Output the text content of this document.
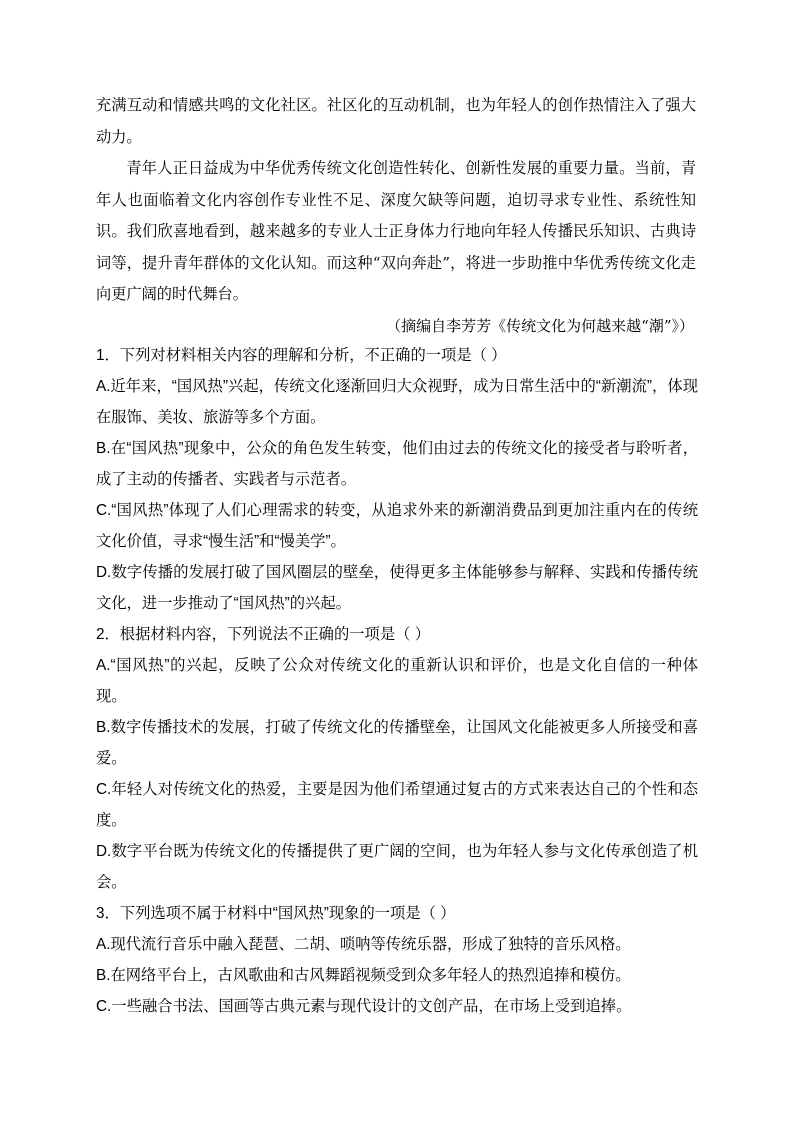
充满互动和情感共鸣的文化社区。社区化的互动机制，也为年轻人的创作热情注入了强大动力。

青年人正日益成为中华优秀传统文化创造性转化、创新性发展的重要力量。当前，青年人也面临着文化内容创作专业性不足、深度欠缺等问题，迫切寻求专业性、系统性知识。我们欣喜地看到，越来越多的专业人士正身体力行地向年轻人传播民乐知识、古典诗词等，提升青年群体的文化认知。而这种“双向奔赴”，将进一步助推中华优秀传统文化走向更广阔的时代舞台。

（摘编自李芳芳《传统文化为何越来越“潮”》）
1．下列对材料相关内容的理解和分析，不正确的一项是（ ）
A.近年来，“国风热”兴起，传统文化逐渐回归大众视野，成为日常生活中的“新潮流”，体现在服饰、美妆、旅游等多个方面。
B.在“国风热”现象中，公众的角色发生转变，他们由过去的传统文化的接受者与聆听者，成了主动的传播者、实践者与示范者。
C.“国风热”体现了人们心理需求的转变，从追求外来的新潮消费品到更加注重内在的传统文化价值，寻求“慢生活”和“慢美学”。
D.数字传播的发展打破了国风圈层的壁垒，使得更多主体能够参与解释、实践和传播传统文化，进一步推动了“国风热”的兴起。
2．根据材料内容，下列说法不正确的一项是（ ）
A.“国风热”的兴起，反映了公众对传统文化的重新认识和评价，也是文化自信的一种体现。
B.数字传播技术的发展，打破了传统文化的传播壁垒，让国风文化能被更多人所接受和喜爱。
C.年轻人对传统文化的热爱，主要是因为他们希望通过复古的方式来表达自己的个性和态度。
D.数字平台既为传统文化的传播提供了更广阔的空间，也为年轻人参与文化传承创造了机会。
3．下列选项不属于材料中“国风热”现象的一项是（ ）
A.现代流行音乐中融入琵琶、二胡、唢呐等传统乐器，形成了独特的音乐风格。
B.在网络平台上，古风歌曲和古风舞蹈视频受到众多年轻人的热烈追捧和模仿。
C.一些融合书法、国画等古典元素与现代设计的文创产品，在市场上受到追捧。
